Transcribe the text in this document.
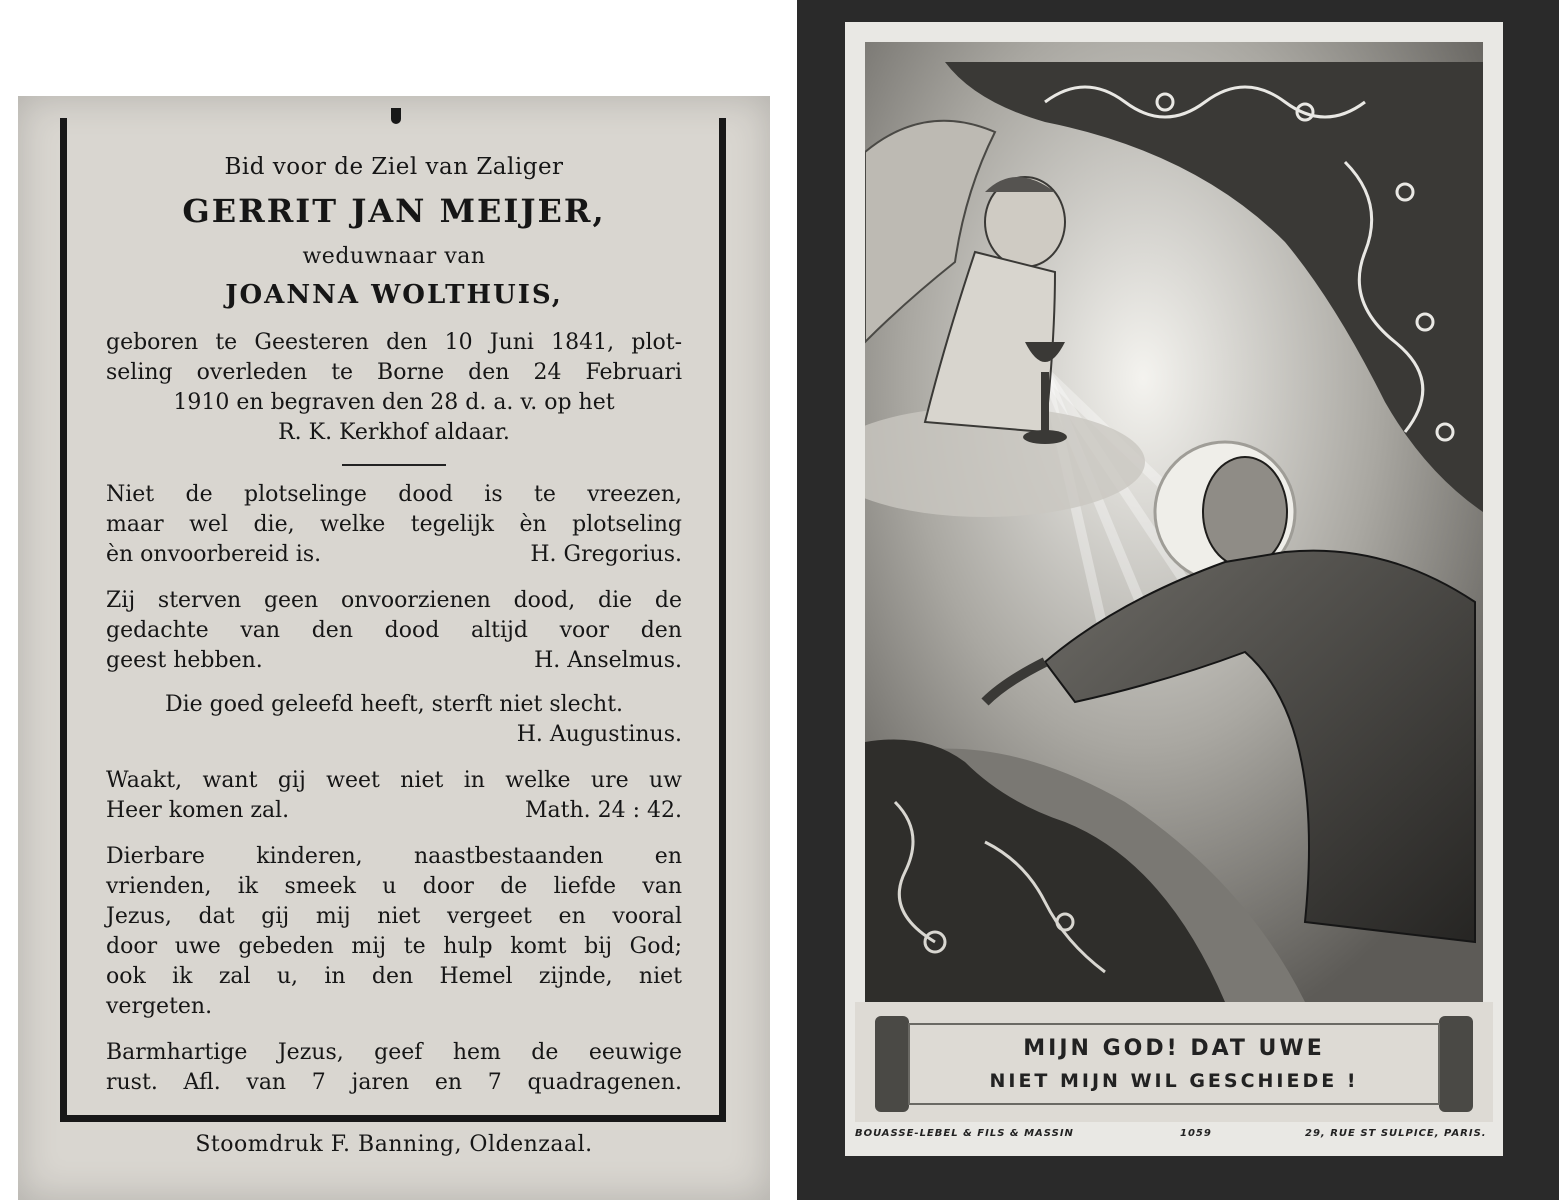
Bid voor de Ziel van Zaliger
GERRIT JAN MEIJER,
weduwnaar van
JOANNA WOLTHUIS,
geboren te Geesteren den 10 Juni 1841, plot-
seling overleden te Borne den 24 Februari
1910 en begraven den 28 d. a. v. op het
R. K. Kerkhof aldaar.
Niet de plotselinge dood is te vreezen,
maar wel die, welke tegelijk èn plotseling
èn onvoorbereid is.	H. Gregorius.
Zij sterven geen onvoorzienen dood, die de
gedachte van den dood altijd voor den
geest hebben.	H. Anselmus.
Die goed geleefd heeft, sterft niet slecht.
H. Augustinus.
Waakt, want gij weet niet in welke ure uw
Heer komen zal.	Math. 24 : 42.
Dierbare kinderen, naastbestaanden en
vrienden, ik smeek u door de liefde van
Jezus, dat gij mij niet vergeet en vooral
door uwe gebeden mij te hulp komt bij God;
ook ik zal u, in den Hemel zijnde, niet
vergeten.
Barmhartige Jezus, geef hem de eeuwige
rust. Afl. van 7 jaren en 7 quadragenen.
Stoomdruk F. Banning, Oldenzaal.
MIJN GOD! DAT UWE
NIET MIJN WIL GESCHIEDE !
BOUASSE-LEBEL & FILS & MASSIN	1059	29, RUE ST SULPICE, PARIS.
